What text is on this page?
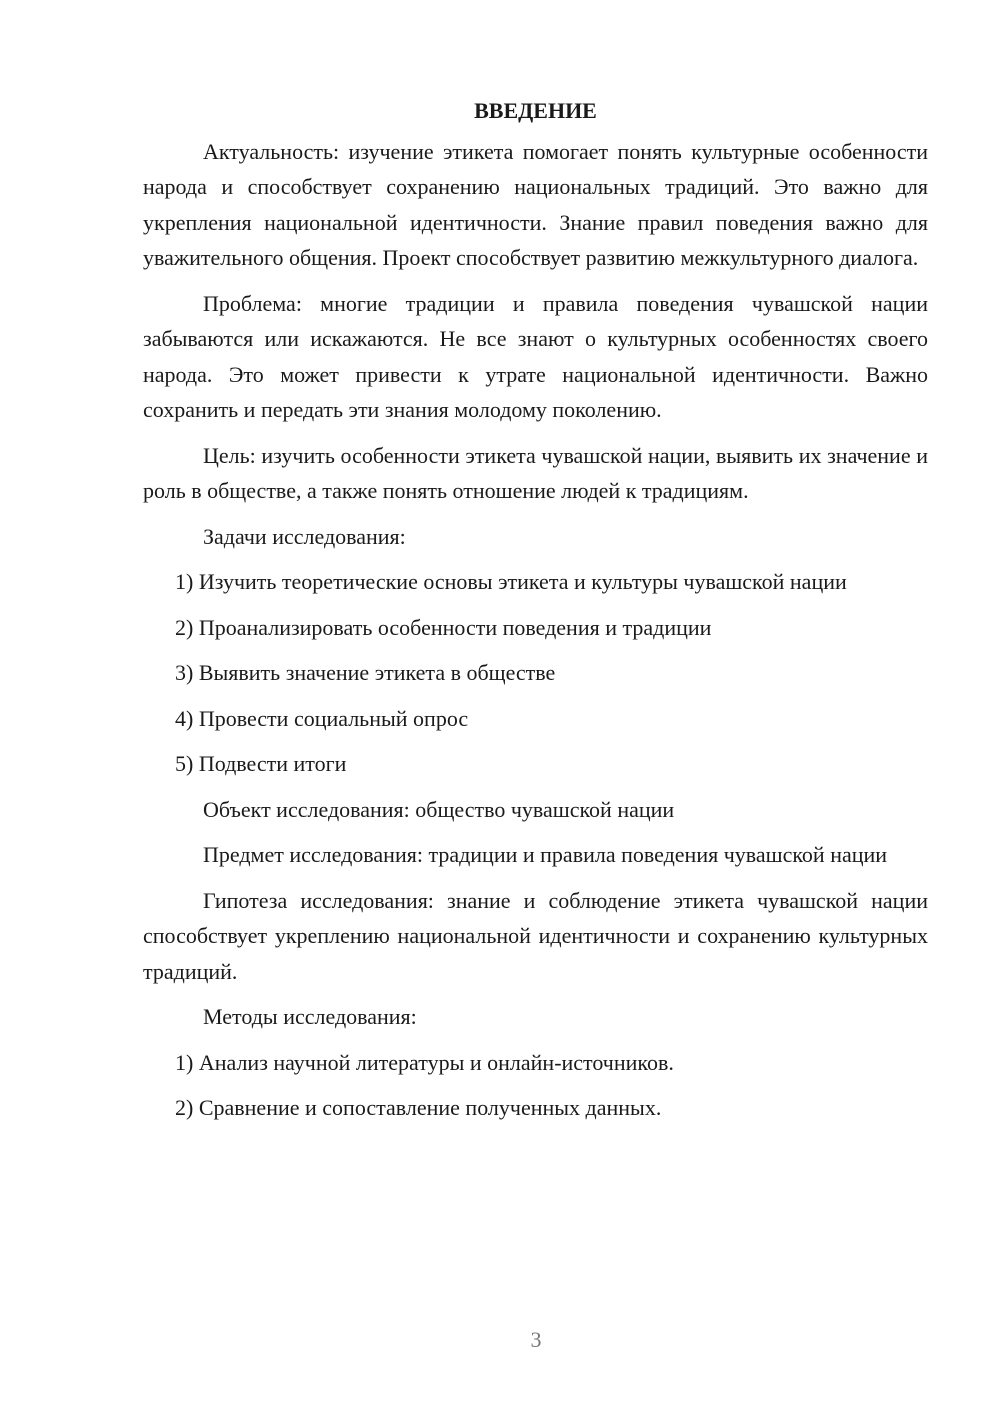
ВВЕДЕНИЕ
Актуальность: изучение этикета помогает понять культурные особенности народа и способствует сохранению национальных традиций. Это важно для укрепления национальной идентичности. Знание правил поведения важно для уважительного общения. Проект способствует развитию межкультурного диалога.
Проблема: многие традиции и правила поведения чувашской нации забываются или искажаются. Не все знают о культурных особенностях своего народа. Это может привести к утрате национальной идентичности. Важно сохранить и передать эти знания молодому поколению.
Цель: изучить особенности этикета чувашской нации, выявить их значение и роль в обществе, а также понять отношение людей к традициям.
Задачи исследования:
1) Изучить теоретические основы этикета и культуры чувашской нации
2) Проанализировать особенности поведения и традиции
3) Выявить значение этикета в обществе
4) Провести социальный опрос
5) Подвести итоги
Объект исследования: общество чувашской нации
Предмет исследования: традиции и правила поведения чувашской нации
Гипотеза исследования: знание и соблюдение этикета чувашской нации способствует укреплению национальной идентичности и сохранению культурных традиций.
Методы исследования:
1) Анализ научной литературы и онлайн-источников.
2) Сравнение и сопоставление полученных данных.
3
